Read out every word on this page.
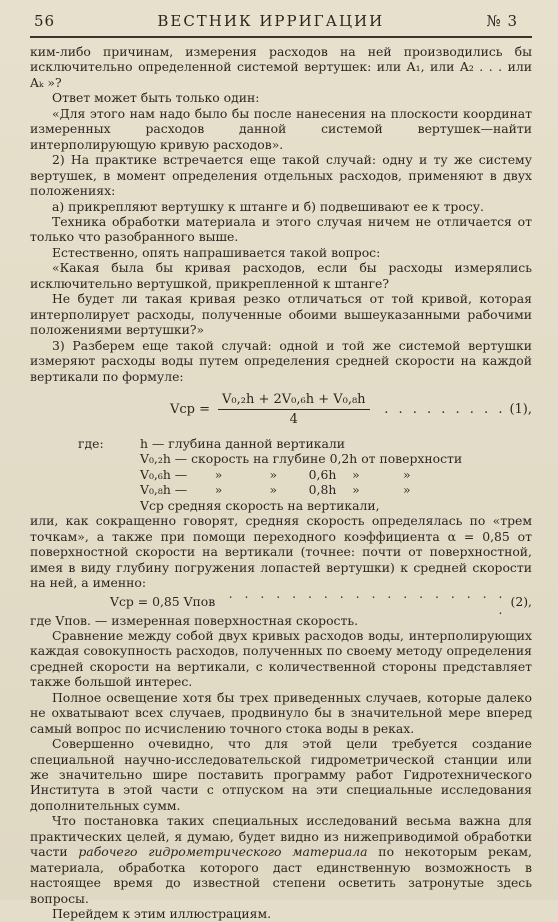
56	ВЕСТНИК ИРРИГАЦИИ	№ 3

ким-либо причинам, измерения расходов на ней производились бы исключительно определенной системой вертушек: или A₁, или A₂ . . . или Aₖ »?

Ответ может быть только один:

«Для этого нам надо было бы после нанесения на плоскости координат измеренных расходов данной системой вертушек—найти интерполирующую кривую расходов».

2) На практике встречается еще такой случай: одну и ту же систему вертушек, в момент определения отдельных расходов, применяют в двух положениях:

а) прикрепляют вертушку к штанге и б) подвешивают ее к тросу.

Техника обработки материала и этого случая ничем не отличается от только что разобранного выше.

Естественно, опять напрашивается такой вопрос:

«Какая была бы кривая расходов, если бы расходы измерялись исключительно вертушкой, прикрепленной к штанге?

Не будет ли такая кривая резко отличаться от той кривой, которая интерполирует расходы, полученные обоими вышеуказанными рабочими положениями вертушки?»

3) Разберем еще такой случай: одной и той же системой вертушки измеряют расходы воды путем определения средней скорости на каждой вертикали по формуле:

Vср = $\frac{\text{V₀,₂h + 2V₀,₆h + V₀,₈h}}{4}$	. . . . . . . . . (1),
где:	h — глубина данной вертикали
V₀,₂h — скорость на глубине 0,2h от поверхности
V₀,₆h —       »            »        0,6h    »           »
V₀,₈h —       »            »        0,8h    »           »
Vср средняя скорость на вертикали,

или, как сокращенно говорят, средняя скорость определялась по «трем точкам», а также при помощи переходного коэффициента α = 0,85 от поверхностной скорости на вертикали (точнее: почти от поверхностной, имея в виду глубину погружения лопастей вертушки) к средней скорости на ней, а именно:

Vср = 0,85 Vпов
. . . . . . . . . . . . . . . . . . .
(2),

где Vпов. — измеренная поверхностная скорость.

Сравнение между собой двух кривых расходов воды, интерполирующих каждая совокупность расходов, полученных по своему методу определения средней скорости на вертикали, с количественной стороны представляет также большой интерес.

Полное освещение хотя бы трех приведенных случаев, которые далеко не охватывают всех случаев, продвинуло бы в значительной мере вперед самый вопрос по исчислению точного стока воды в реках.

Совершенно очевидно, что для этой цели требуется создание специальной научно-исследовательской гидрометрической станции или же значительно шире поставить программу работ Гидротехнического Института в этой части с отпуском на эти специальные исследования дополнительных сумм.

Что постановка таких специальных исследований весьма важна для практических целей, я думаю, будет видно из нижеприводимой обработки части рабочего гидрометрического материала по некоторым рекам, материала, обработка которого даст единственную возможность в настоящее время до известной степени осветить затронутые здесь вопросы.

Перейдем к этим иллюстрациям.
